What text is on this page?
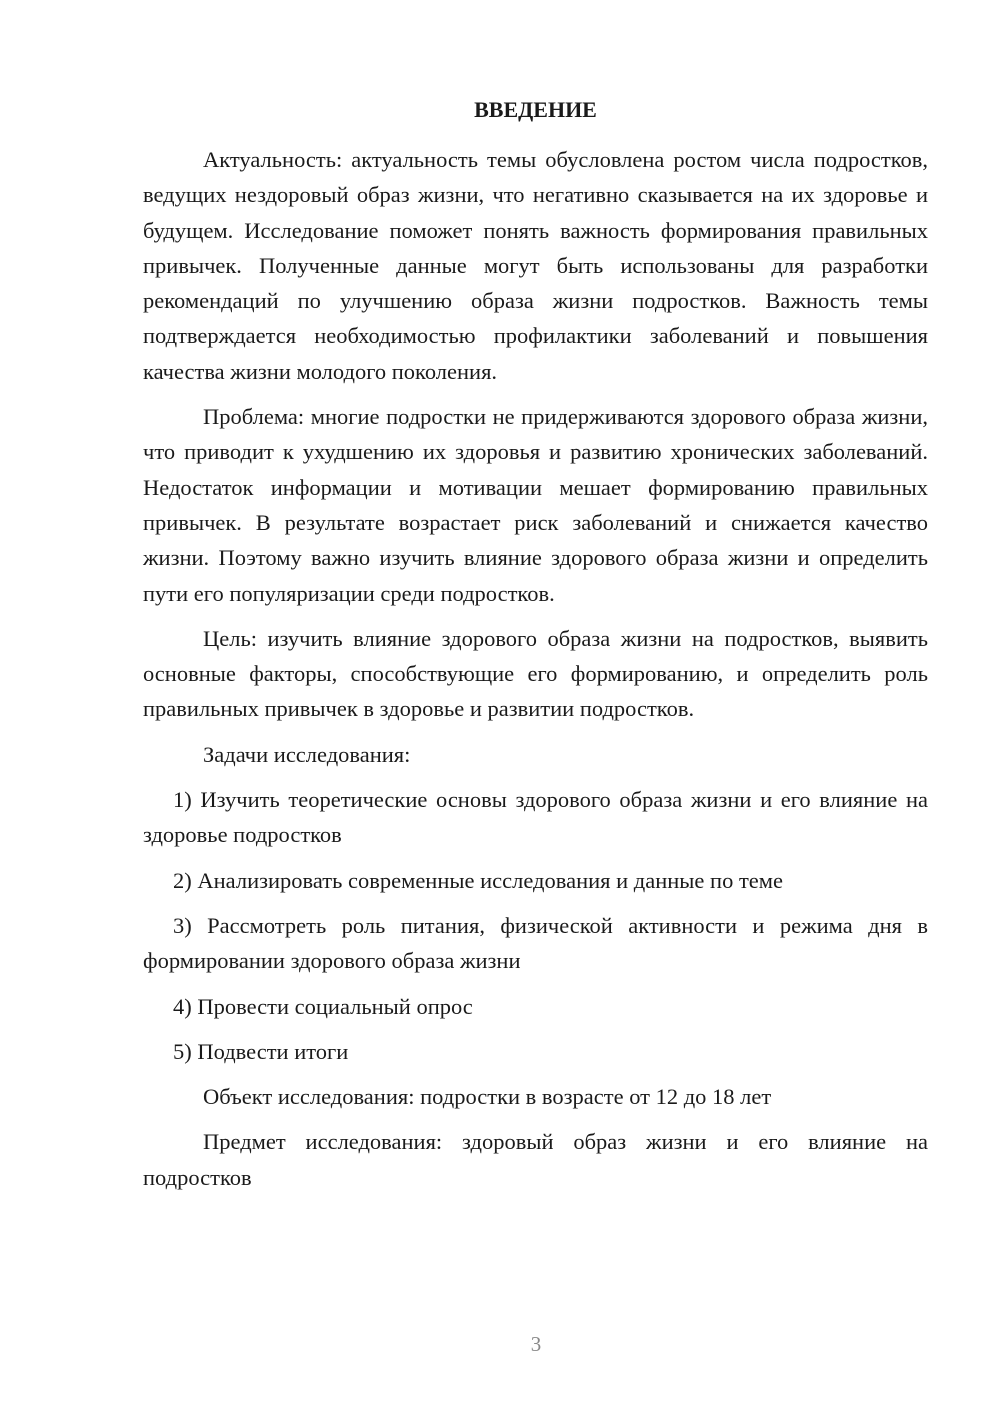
ВВЕДЕНИЕ

Актуальность: актуальность темы обусловлена ростом числа подростков, ведущих нездоровый образ жизни, что негативно сказывается на их здоровье и будущем. Исследование поможет понять важность формирования правильных привычек. Полученные данные могут быть использованы для разработки рекомендаций по улучшению образа жизни подростков. Важность темы подтверждается необходимостью профилактики заболеваний и повышения качества жизни молодого поколения.

Проблема: многие подростки не придерживаются здорового образа жизни, что приводит к ухудшению их здоровья и развитию хронических заболеваний. Недостаток информации и мотивации мешает формированию правильных привычек. В результате возрастает риск заболеваний и снижается качество жизни. Поэтому важно изучить влияние здорового образа жизни и определить пути его популяризации среди подростков.

Цель: изучить влияние здорового образа жизни на подростков, выявить основные факторы, способствующие его формированию, и определить роль правильных привычек в здоровье и развитии подростков.

Задачи исследования:

1) Изучить теоретические основы здорового образа жизни и его влияние на здоровье подростков

2) Анализировать современные исследования и данные по теме

3) Рассмотреть роль питания, физической активности и режима дня в формировании здорового образа жизни

4) Провести социальный опрос

5) Подвести итоги

Объект исследования: подростки в возрасте от 12 до 18 лет

Предмет исследования: здоровый образ жизни и его влияние на подростков

3
